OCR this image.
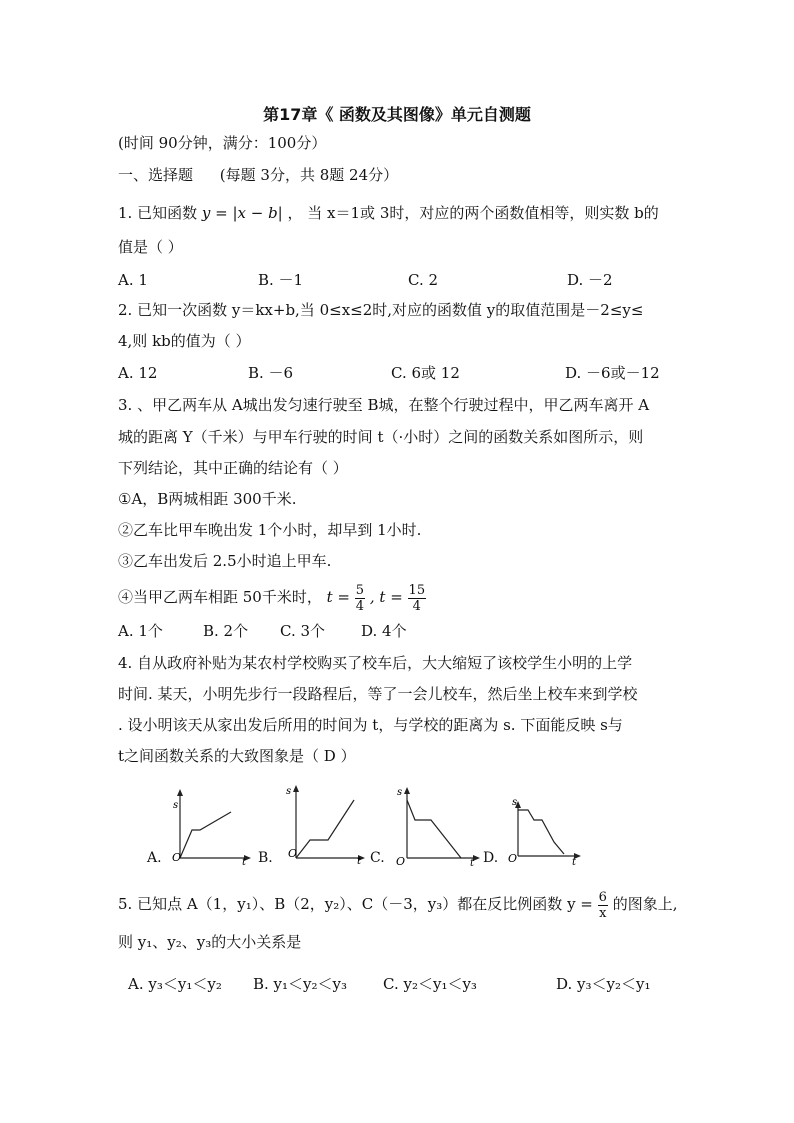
第17章《 函数及其图像》单元自测题
(时间 90分钟，满分：100分）
一、选择题 (每题 3分，共 8题 24分）
1. 已知函数 y = |x − b| ， 当 x＝1或 3时，对应的两个函数值相等，则实数 b的
值是（ ）
A. 1	B. －1	C. 2	D. －2
2. 已知一次函数 y＝kx+b,当 0≤x≤2时,对应的函数值 y的取值范围是－2≤y≤
4,则 kb的值为（ ）
A. 12	B. －6	C. 6或 12	D. －6或－12
3. 、甲乙两车从 A城出发匀速行驶至 B城，在整个行驶过程中，甲乙两车离开 A
城的距离 Y（千米）与甲车行驶的时间 t（·小时）之间的函数关系如图所示，则
下列结论，其中正确的结论有（ ）
①A，B两城相距 300千米.
②乙车比甲车晚出发 1个小时，却早到 1小时.
③乙车出发后 2.5小时追上甲车.
④当甲乙两车相距 50千米时， $t = \frac{5}{4}$ , $t = \frac{15}{4}$
A. 1个	B. 2个 C. 3个 D. 4个
4. 自从政府补贴为某农村学校购买了校车后，大大缩短了该校学生小明的上学
时间. 某天，小明先步行一段路程后，等了一会儿校车，然后坐上校车来到学校
. 设小明该天从家出发后所用的时间为 t，与学校的距离为 s. 下面能反映 s与
t之间函数关系的大致图象是（ D ）
A.	B.	C.	D.
s
O	t
s
O
t
s
O	t
s
O	t
5. 已知点 A（1，y₁）、B（2，y₂）、C（－3，y₃）都在反比例函数 $y = \frac{6}{x}$ 的图象上,
则 y₁、y₂、y₃的大小关系是
A. y₃＜y₁＜y₂ B. y₁＜y₂＜y₃ C. y₂＜y₁＜y₃	D. y₃＜y₂＜y₁
